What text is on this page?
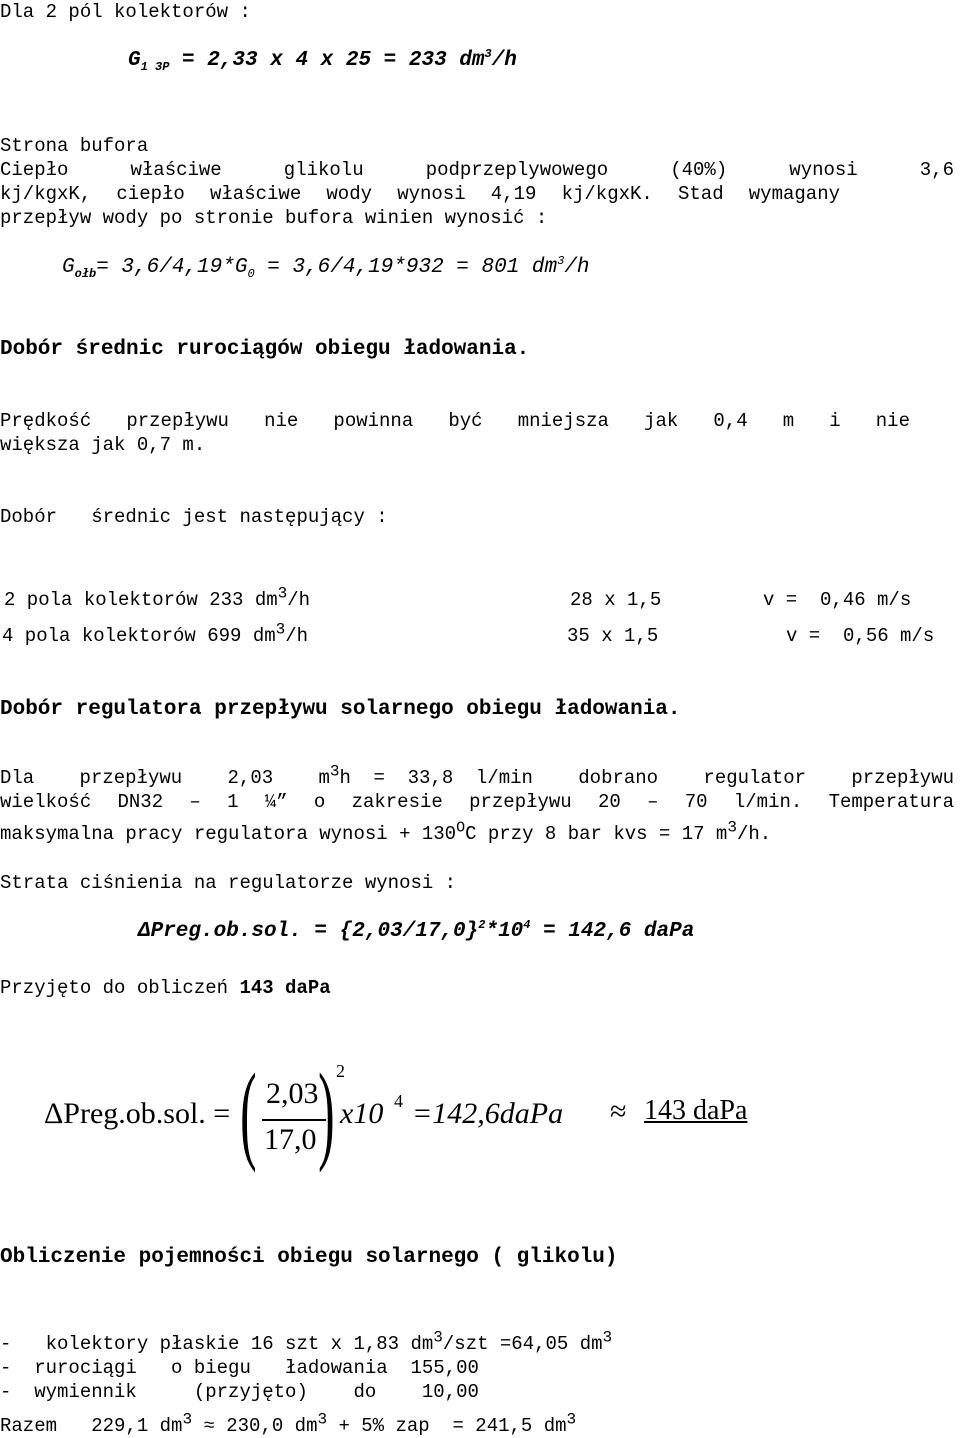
Dla 2 pól kolektorów :
$G_{1 3P} = 2,33$ x 4 x 25 = 233 $dm^3/h$
Strona bufora
Ciepło właściwe glikolu podprzeplywowego (40%) wynosi 3,6
kj/kgxK, ciepło właściwe wody wynosi 4,19 kj/kgxK. Stad wymagany
przepływ wody po stronie bufora winien wynosić :
$G_{ołb}= 3,6/4,19*G_0 = 3,6/4,19*932 = 801$ $dm^3/h$
Dobór średnic rurociągów obiegu ładowania.
Prędkość przepływu nie powinna być mniejsza jak 0,4 m i nie
większa jak 0,7 m.
Dobór   średnic jest następujący :
2 pola kolektorów 233 $dm^3/h$	28 x 1,5	v =  0,46 m/s
4 pola kolektorów 699 $dm^3/h$	35 x 1,5	v =  0,56 m/s
Dobór regulatora przepływu solarnego obiegu ładowania.
Dla  przepływu  2,03  $m^3h = 33,8$ l/min  dobrano  regulator  przepływu
wielkość DN32 – 1 ¼” o zakresie przepływu 20 – 70 l/min. Temperatura
maksymalna pracy regulatora wynosi + $130^OC$ przy 8 bar kvs = 17 $m^3/h$.
Strata ciśnienia na regulatorze wynosi :
ΔPreg.ob.sol. = $\{2,03/17,0\}^2*10^4 = 142,6$ daPa
Przyjęto do obliczeń 143 daPa
ΔPreg.ob.sol. = ( 2,03
17,0 ) 2
x10 4 =142,6daPa ≈ 143 daPa
Obliczenie pojemności obiegu solarnego ( glikolu)
-   kolektory płaskie 16 szt x 1,83 $dm^3$/szt =64,05 $dm^3$
-  rurociągi   o biegu   ładowania  155,00
-  wymiennik     (przyjęto)    do    10,00
Razem   229,1 $dm^3 \approx 230,0$ $dm^3 + 5\%$ zap  = 241,5 $dm^3$
